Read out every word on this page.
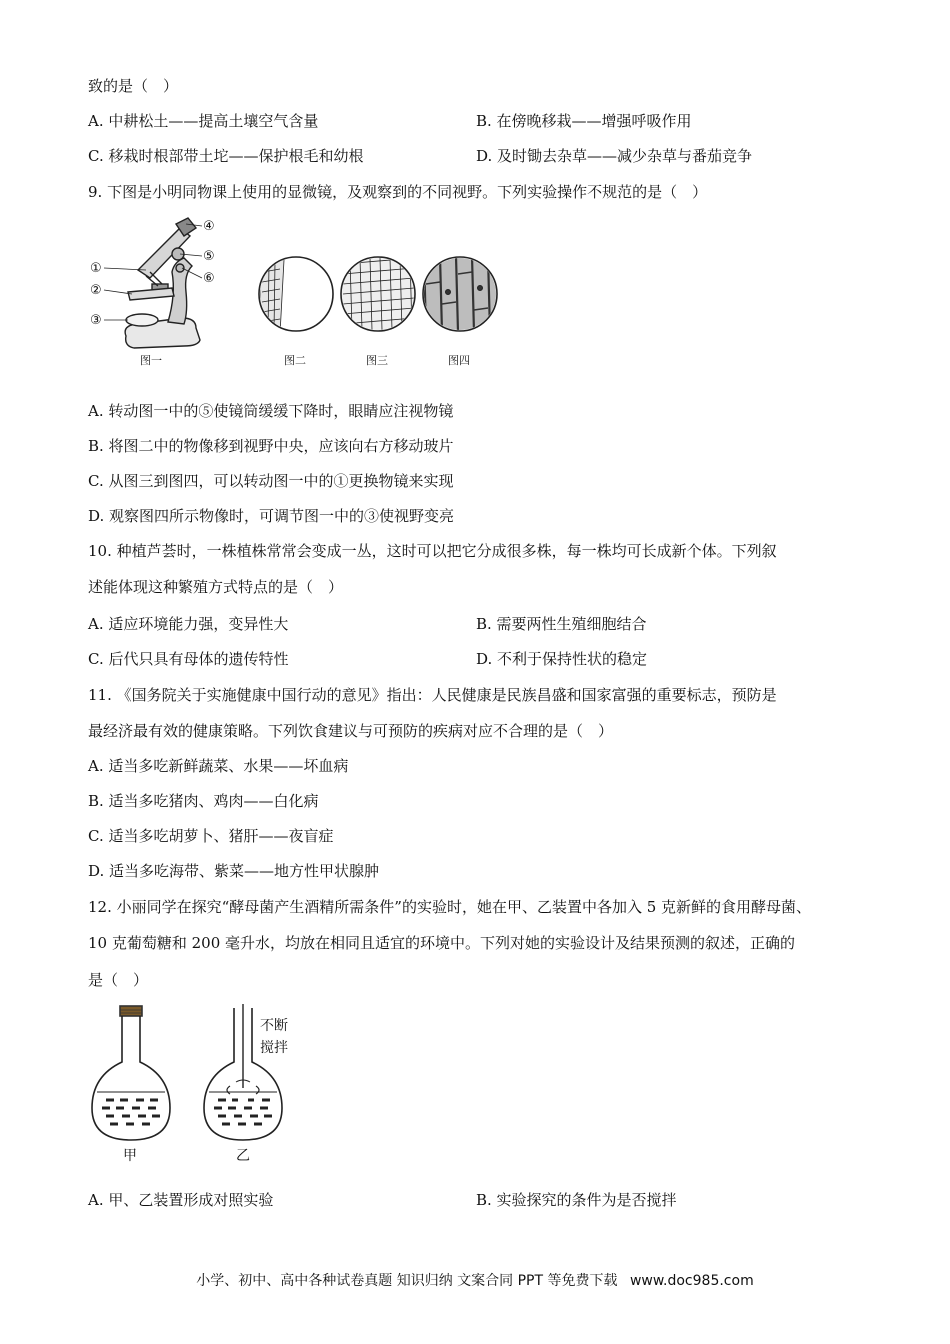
致的是（　）
A. 中耕松土——提高土壤空气含量	B. 在傍晚移栽——增强呼吸作用
C. 移栽时根部带土坨——保护根毛和幼根	D. 及时锄去杂草——减少杂草与番茄竞争
9. 下图是小明同物课上使用的显微镜，及观察到的不同视野。下列实验操作不规范的是（　）
①
②
③
④
⑤
⑥
图一	图二	图三	图四
A. 转动图一中的⑤使镜筒缓缓下降时，眼睛应注视物镜
B. 将图二中的物像移到视野中央，应该向右方移动玻片
C. 从图三到图四，可以转动图一中的①更换物镜来实现
D. 观察图四所示物像时，可调节图一中的③使视野变亮
10. 种植芦荟时，一株植株常常会变成一丛，这时可以把它分成很多株，每一株均可长成新个体。下列叙
述能体现这种繁殖方式特点的是（　）
A. 适应环境能力强，变异性大	B. 需要两性生殖细胞结合
C. 后代只具有母体的遗传特性	D. 不利于保持性状的稳定
11. 《国务院关于实施健康中国行动的意见》指出：人民健康是民族昌盛和国家富强的重要标志，预防是
最经济最有效的健康策略。下列饮食建议与可预防的疾病对应不合理的是（　）
A. 适当多吃新鲜蔬菜、水果——坏血病
B. 适当多吃猪肉、鸡肉——白化病
C. 适当多吃胡萝卜、猪肝——夜盲症
D. 适当多吃海带、紫菜——地方性甲状腺肿
12. 小丽同学在探究“酵母菌产生酒精所需条件”的实验时，她在甲、乙装置中各加入 5 克新鲜的食用酵母菌、
10 克葡萄糖和 200 毫升水，均放在相同且适宜的环境中。下列对她的实验设计及结果预测的叙述，正确的
是（　）
不断
搅拌
甲	乙
A. 甲、乙装置形成对照实验	B. 实验探究的条件为是否搅拌
小学、初中、高中各种试卷真题 知识归纳 文案合同 PPT 等免费下载 www.doc985.com
